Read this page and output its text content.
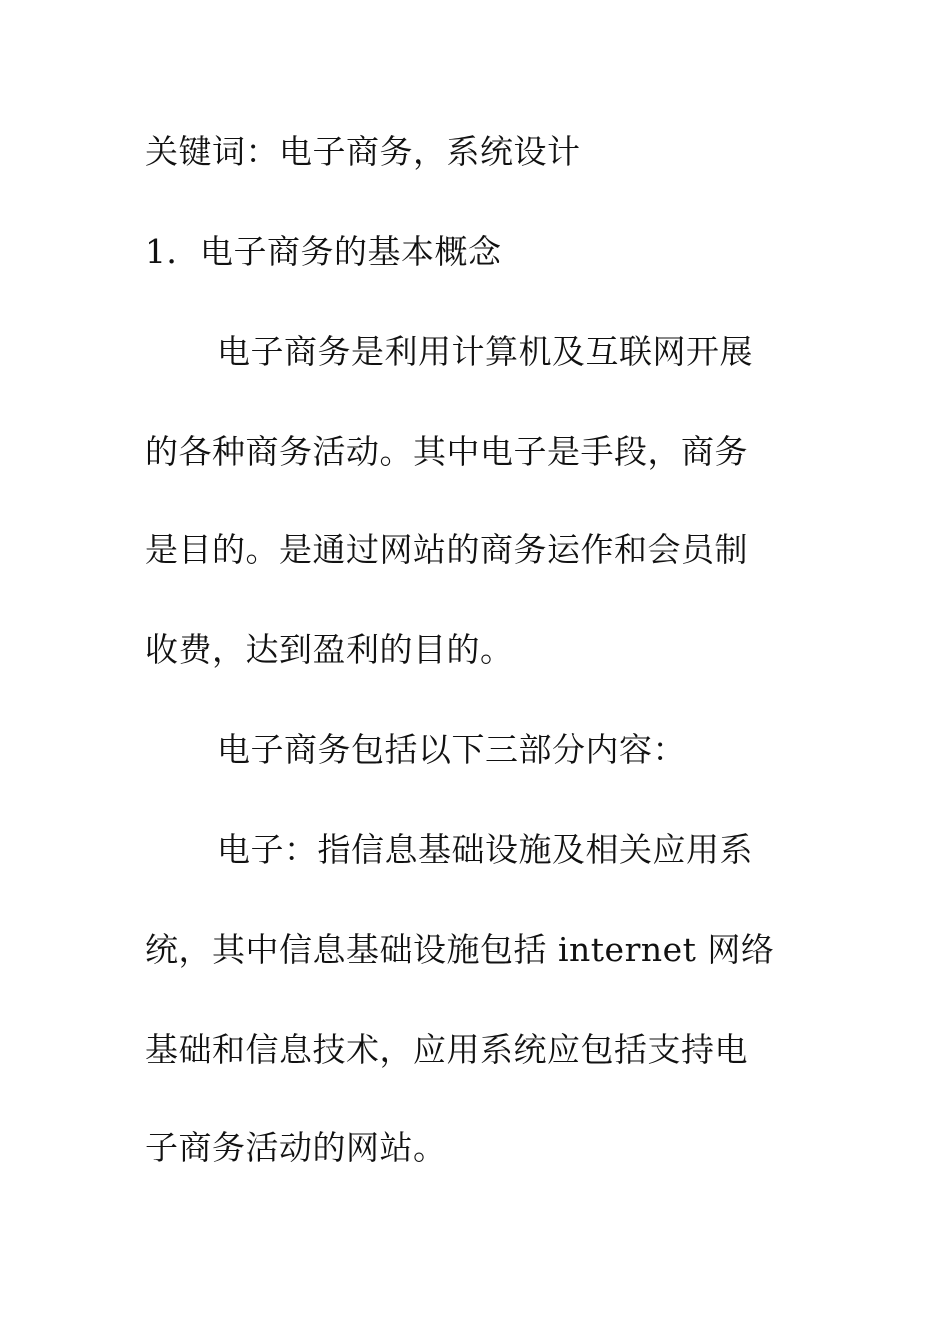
关键词：电子商务，系统设计
1．电子商务的基本概念
电子商务是利用计算机及互联网开展
的各种商务活动。其中电子是手段，商务
是目的。是通过网站的商务运作和会员制
收费，达到盈利的目的。
电子商务包括以下三部分内容：
电子：指信息基础设施及相关应用系
统，其中信息基础设施包括 internet 网络
基础和信息技术，应用系统应包括支持电
子商务活动的网站。
